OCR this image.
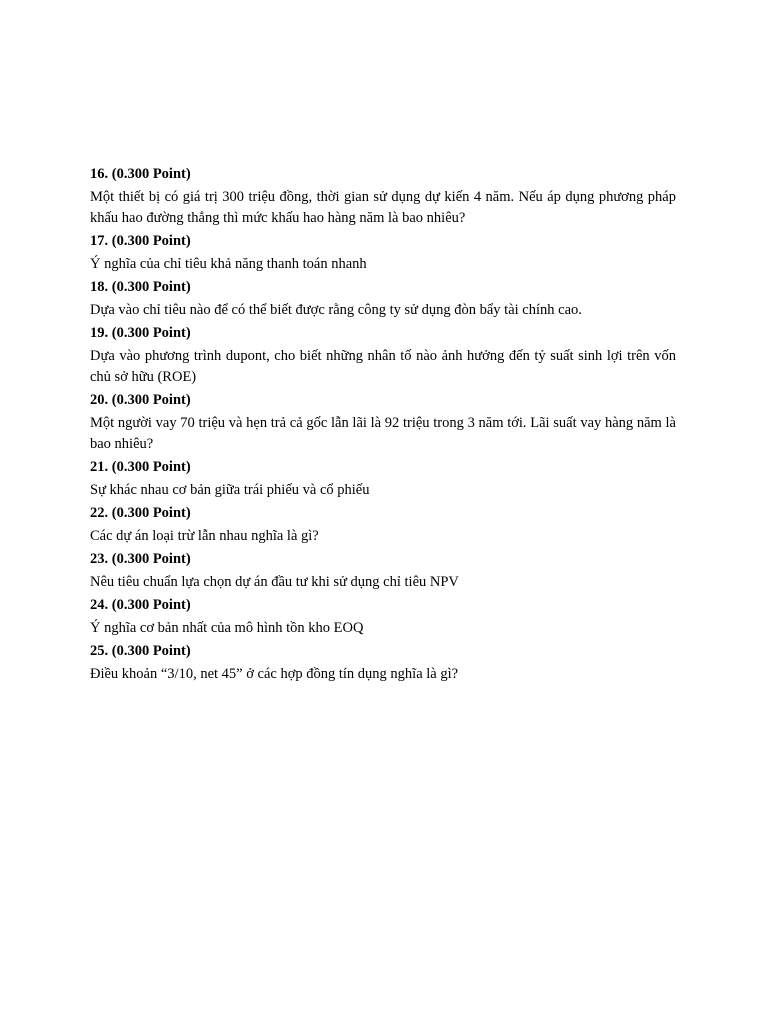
16. (0.300 Point)

Một thiết bị có giá trị 300 triệu đồng, thời gian sử dụng dự kiến 4 năm. Nếu áp dụng phương pháp khấu hao đường thẳng thì mức khấu hao hàng năm là bao nhiêu?

17. (0.300 Point)

Ý nghĩa của chỉ tiêu khả năng thanh toán nhanh

18. (0.300 Point)

Dựa vào chỉ tiêu nào để có thể biết được rằng công ty sử dụng đòn bẩy tài chính cao.

19. (0.300 Point)

Dựa vào phương trình dupont, cho biết những nhân tố nào ảnh hưởng đến tỷ suất sinh lợi trên vốn chủ sở hữu (ROE)

20. (0.300 Point)

Một người vay 70 triệu và hẹn trả cả gốc lẫn lãi là 92 triệu trong 3 năm tới. Lãi suất vay hàng năm là bao nhiêu?

21. (0.300 Point)

Sự khác nhau cơ bản giữa trái phiếu và cổ phiếu

22. (0.300 Point)

Các dự án loại trừ lẫn nhau nghĩa là gì?

23. (0.300 Point)

Nêu tiêu chuẩn lựa chọn dự án đầu tư khi sử dụng chỉ tiêu NPV

24. (0.300 Point)

Ý nghĩa cơ bản nhất của mô hình tồn kho EOQ

25. (0.300 Point)

Điều khoản “3/10, net 45” ở các hợp đồng tín dụng nghĩa là gì?
